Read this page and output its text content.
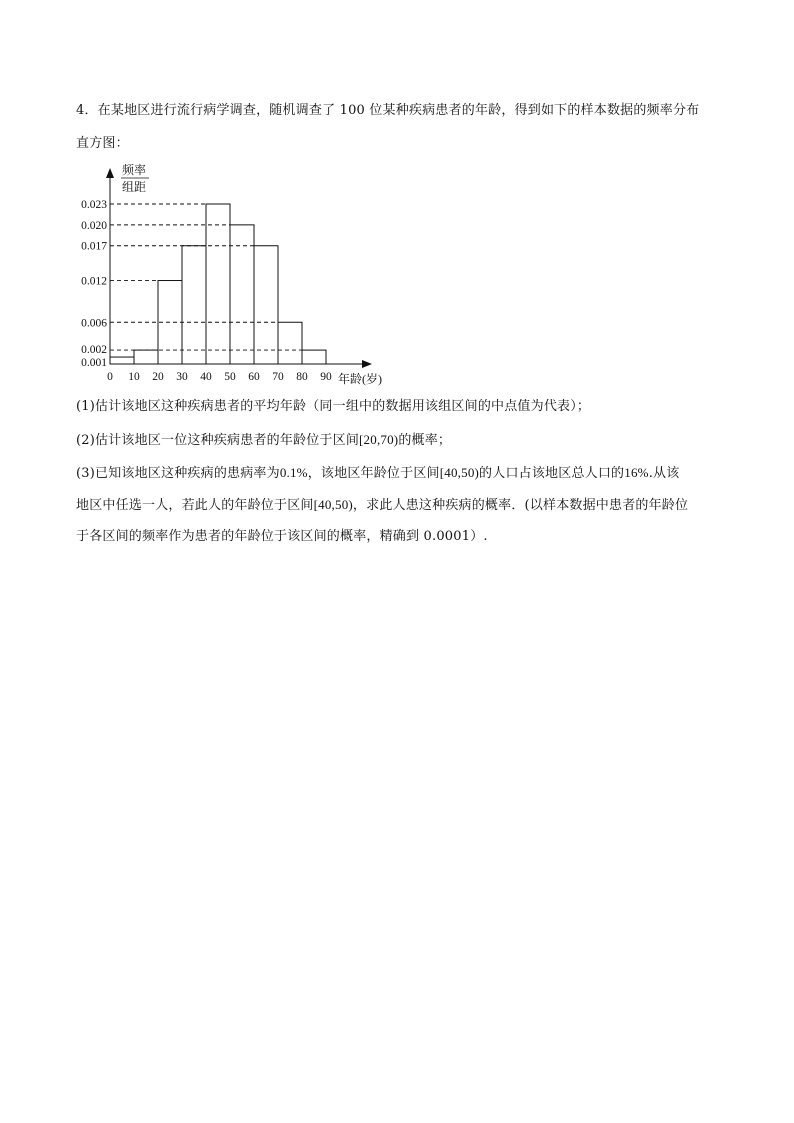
4．在某地区进行流行病学调查，随机调查了 100 位某种疾病患者的年龄，得到如下的样本数据的频率分布
直方图：
0.023
0.020
0.017
0.012
0.006
0.002
0.001
0 10 20 30 40 50 60 70 80 90
频率
组距
年龄(岁)
(1)估计该地区这种疾病患者的平均年龄（同一组中的数据用该组区间的中点值为代表）；
(2)估计该地区一位这种疾病患者的年龄位于区间[20,70)的概率；
(3)已知该地区这种疾病的患病率为0.1%，该地区年龄位于区间[40,50)的人口占该地区总人口的16%.从该
地区中任选一人，若此人的年龄位于区间[40,50)，求此人患这种疾病的概率．(以样本数据中患者的年龄位
于各区间的频率作为患者的年龄位于该区间的概率，精确到 0.0001）.
